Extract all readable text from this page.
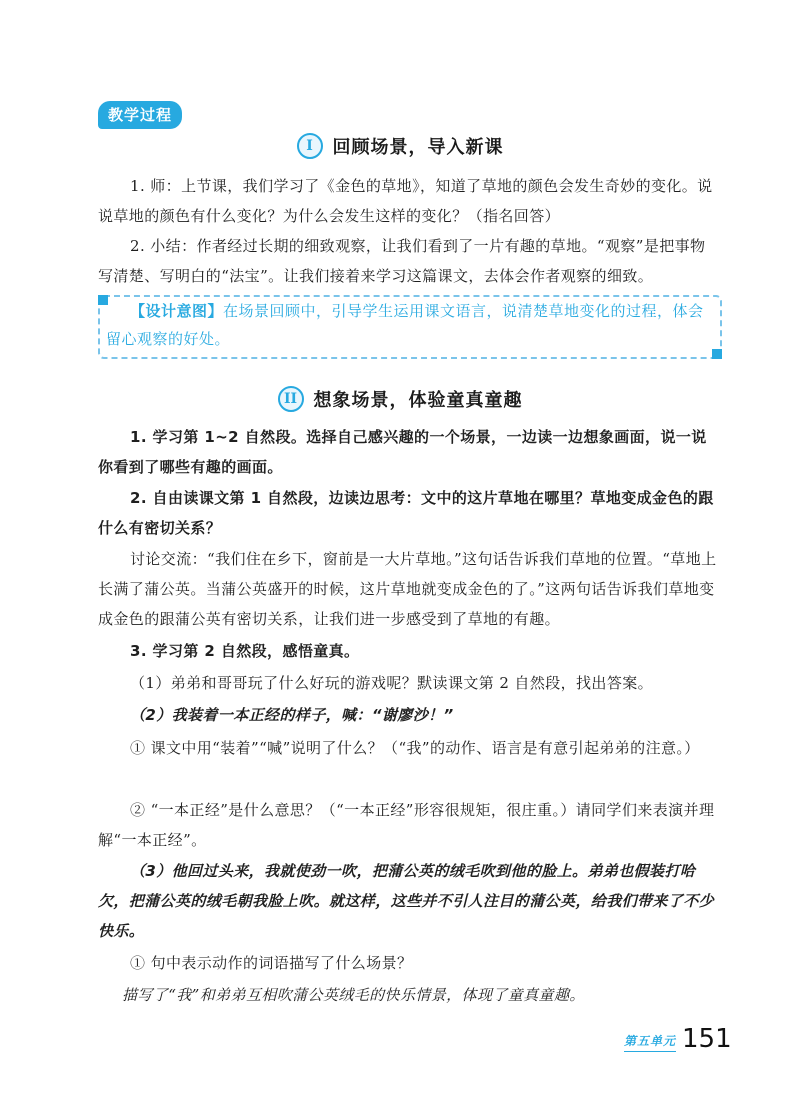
教学过程
I	回顾场景，导入新课

1. 师：上节课，我们学习了《金色的草地》，知道了草地的颜色会发生奇妙的变化。说说草地的颜色有什么变化？为什么会发生这样的变化？（指名回答）

2. 小结：作者经过长期的细致观察，让我们看到了一片有趣的草地。“观察”是把事物写清楚、写明白的“法宝”。让我们接着来学习这篇课文，去体会作者观察的细致。

【设计意图】在场景回顾中，引导学生运用课文语言，说清楚草地变化的过程，体会留心观察的好处。

II 想象场景，体验童真童趣

1. 学习第 1~2 自然段。选择自己感兴趣的一个场景，一边读一边想象画面，说一说你看到了哪些有趣的画面。

2. 自由读课文第 1 自然段，边读边思考：文中的这片草地在哪里？草地变成金色的跟什么有密切关系？

讨论交流：“我们住在乡下，窗前是一大片草地。”这句话告诉我们草地的位置。“草地上长满了蒲公英。当蒲公英盛开的时候，这片草地就变成金色的了。”这两句话告诉我们草地变成金色的跟蒲公英有密切关系，让我们进一步感受到了草地的有趣。

3. 学习第 2 自然段，感悟童真。

（1）弟弟和哥哥玩了什么好玩的游戏呢？默读课文第 2 自然段，找出答案。

（2）我装着一本正经的样子，喊：“谢廖沙！”

① 课文中用“装着”“喊”说明了什么？（“我”的动作、语言是有意引起弟弟的注意。）

② “一本正经”是什么意思？（“一本正经”形容很规矩，很庄重。）请同学们来表演并理解“一本正经”。

（3）他回过头来，我就使劲一吹，把蒲公英的绒毛吹到他的脸上。弟弟也假装打哈欠，把蒲公英的绒毛朝我脸上吹。就这样，这些并不引人注目的蒲公英，给我们带来了不少快乐。

① 句中表示动作的词语描写了什么场景？

描写了“我”和弟弟互相吹蒲公英绒毛的快乐情景，体现了童真童趣。

第五单元 151
